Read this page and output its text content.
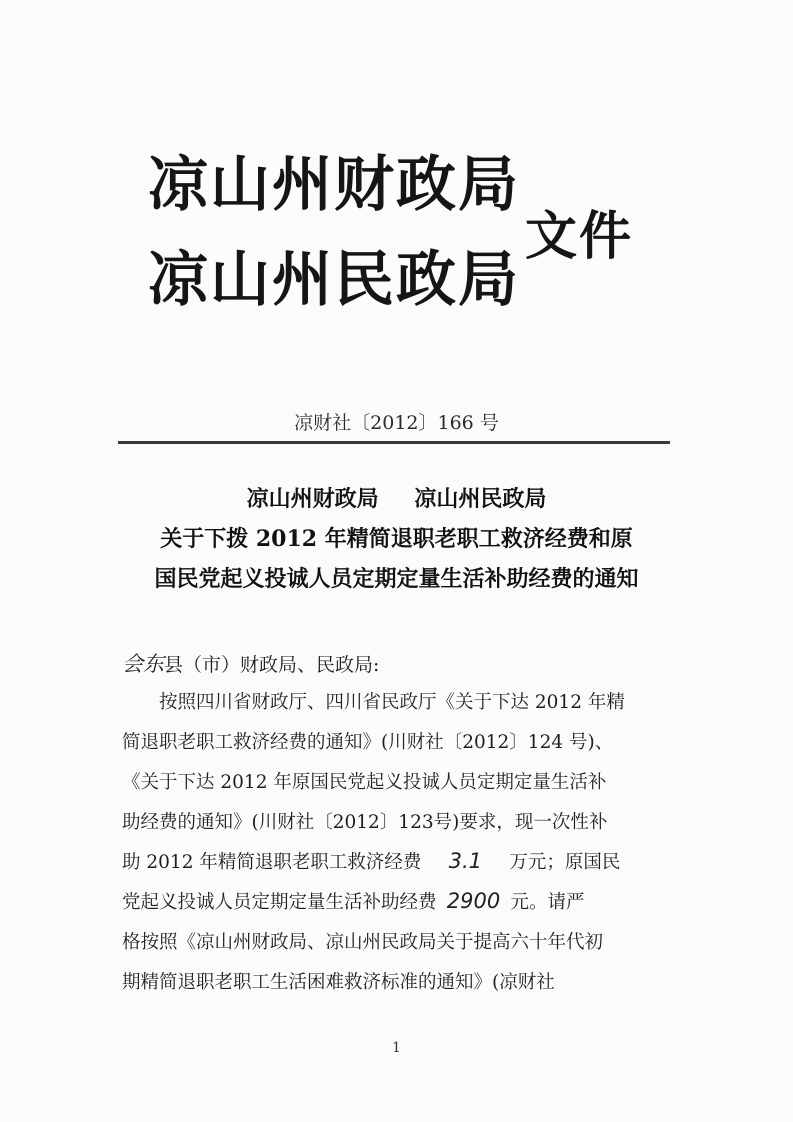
凉山州财政局
凉山州民政局
文件
凉财社〔2012〕166 号
凉山州财政局 凉山州民政局
关于下拨 2012 年精简退职老职工救济经费和原
国民党起义投诚人员定期定量生活补助经费的通知
会东县（市）财政局、民政局:
按照四川省财政厅、四川省民政厅《关于下达 2012 年精
简退职老职工救济经费的通知》(川财社〔2012〕124 号)、
《关于下达 2012 年原国民党起义投诚人员定期定量生活补
助经费的通知》(川财社〔2012〕123号)要求，现一次性补
助 2012 年精简退职老职工救济经费 3.1 万元；原国民
党起义投诚人员定期定量生活补助经费 2900 元。请严
格按照《凉山州财政局、凉山州民政局关于提高六十年代初
期精简退职老职工生活困难救济标准的通知》(凉财社
1
